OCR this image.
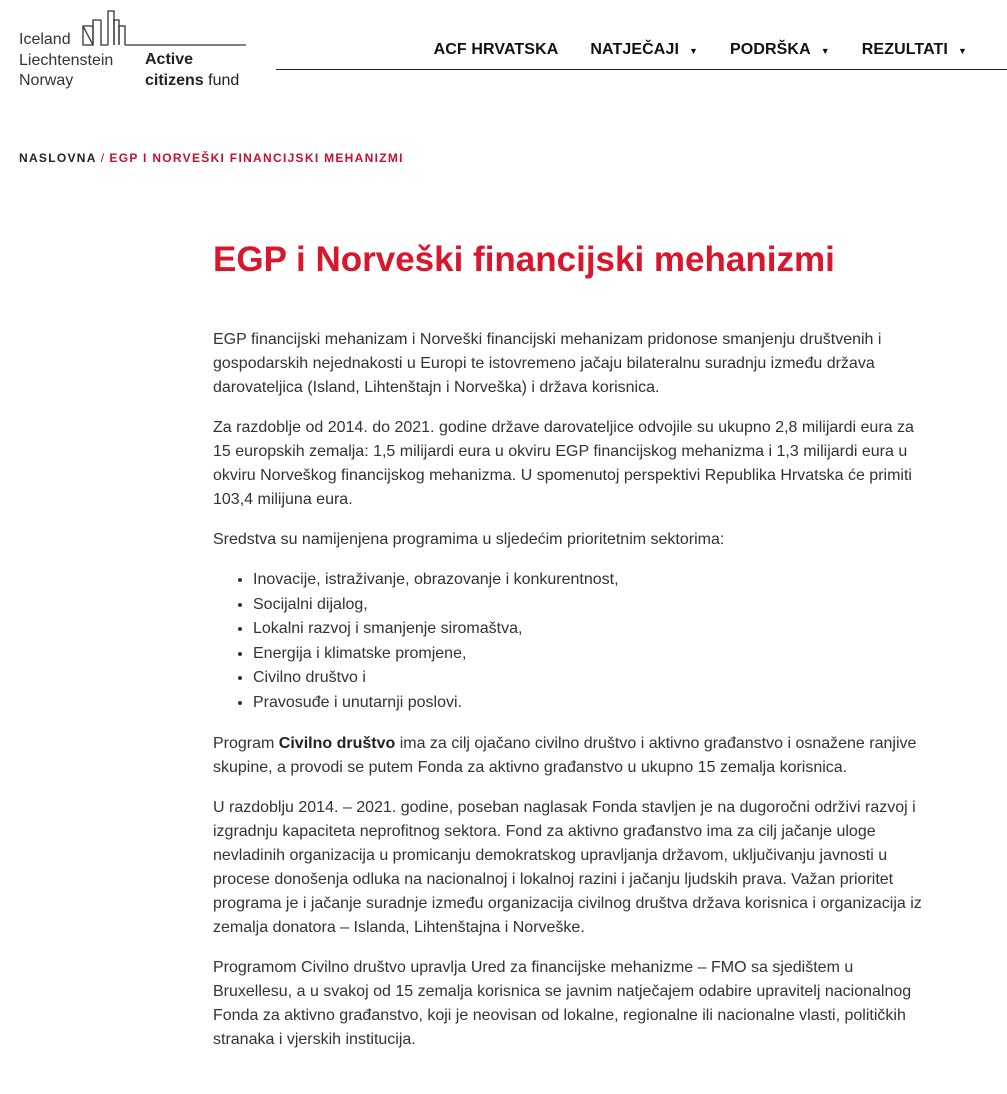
Iceland
Liechtenstein
Norway
Active
citizens fund
ACF HRVATSKA NATJEČAJI ▼ PODRŠKA ▼ REZULTATI ▼
NASLOVNA / EGP I NORVEŠKI FINANCIJSKI MEHANIZMI
EGP i Norveški financijski mehanizmi

EGP financijski mehanizam i Norveški financijski mehanizam pridonose smanjenju društvenih i gospodarskih nejednakosti u Europi te istovremeno jačaju bilateralnu suradnju između država darovateljica (Island, Lihtenštajn i Norveška) i država korisnica.

Za razdoblje od 2014. do 2021. godine države darovateljice odvojile su ukupno 2,8 milijardi eura za 15 europskih zemalja: 1,5 milijardi eura u okviru EGP financijskog mehanizma i 1,3 milijardi eura u okviru Norveškog financijskog mehanizma. U spomenutoj perspektivi Republika Hrvatska će primiti 103,4 milijuna eura.

Sredstva su namijenjena programima u sljedećim prioritetnim sektorima:

• Inovacije, istraživanje, obrazovanje i konkurentnost,
• Socijalni dijalog,
• Lokalni razvoj i smanjenje siromaštva,
• Energija i klimatske promjene,
• Civilno društvo i
• Pravosuđe i unutarnji poslovi.

Program Civilno društvo ima za cilj ojačano civilno društvo i aktivno građanstvo i osnažene ranjive skupine, a provodi se putem Fonda za aktivno građanstvo u ukupno 15 zemalja korisnica.

U razdoblju 2014. – 2021. godine, poseban naglasak Fonda stavljen je na dugoročni održivi razvoj i izgradnju kapaciteta neprofitnog sektora. Fond za aktivno građanstvo ima za cilj jačanje uloge nevladinih organizacija u promicanju demokratskog upravljanja državom, uključivanju javnosti u procese donošenja odluka na nacionalnoj i lokalnoj razini i jačanju ljudskih prava. Važan prioritet programa je i jačanje suradnje između organizacija civilnog društva država korisnica i organizacija iz zemalja donatora – Islanda, Lihtenštajna i Norveške.

Programom Civilno društvo upravlja Ured za financijske mehanizme – FMO sa sjedištem u Bruxellesu, a u svakoj od 15 zemalja korisnica se javnim natječajem odabire upravitelj nacionalnog Fonda za aktivno građanstvo, koji je neovisan od lokalne, regionalne ili nacionalne vlasti, političkih stranaka i vjerskih institucija.
